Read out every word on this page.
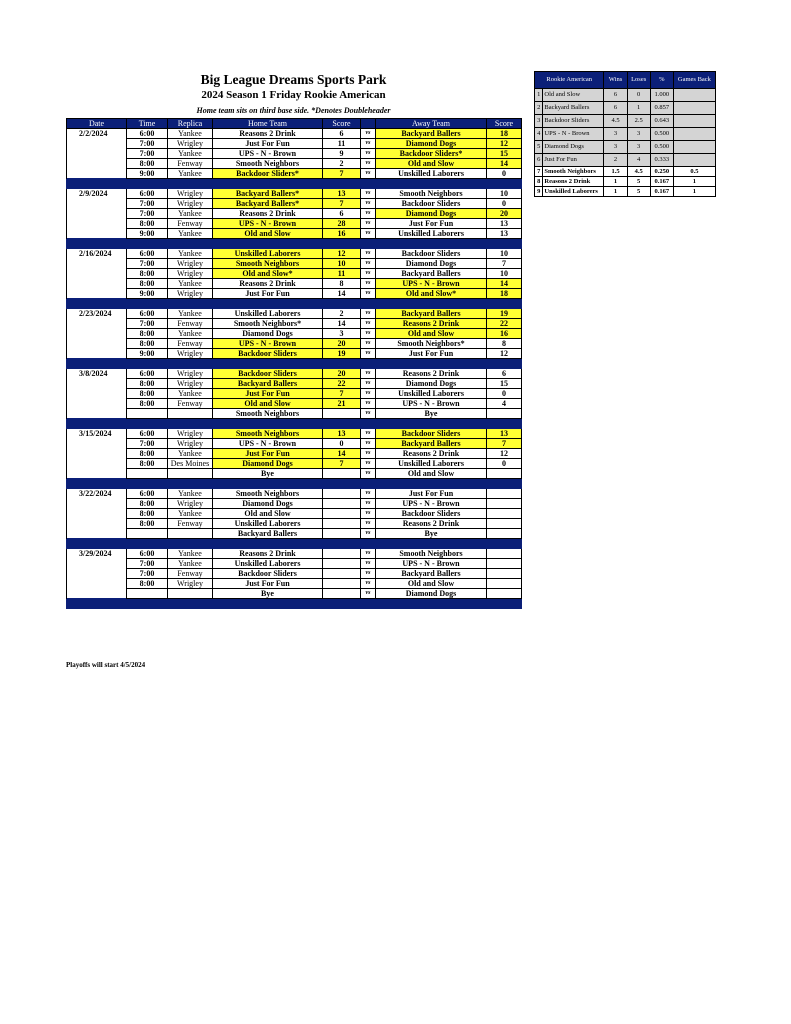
Big League Dreams Sports Park
2024 Season 1 Friday Rookie American
Home team sits on third base side. *Denotes Doubleheader
Date	Time	Replica	Home Team	Score		Away Team	Score
2/2/2024	6:00	Yankee	Reasons 2 Drink	6	vs	Backyard Ballers	18
	7:00	Wrigley	Just For Fun	11	vs	Diamond Dogs	12
	7:00	Yankee	UPS - N - Brown	9	vs	Backdoor Sliders*	15
	8:00	Fenway	Smooth Neighbors	2	vs	Old and Slow	14
	9:00	Yankee	Backdoor Sliders*	7	vs	Unskilled Laborers	0

2/9/2024	6:00	Wrigley	Backyard Ballers*	13	vs	Smooth Neighbors	10
	7:00	Wrigley	Backyard Ballers*	7	vs	Backdoor Sliders	0
	7:00	Yankee	Reasons 2 Drink	6	vs	Diamond Dogs	20
	8:00	Fenway	UPS - N - Brown	28	vs	Just For Fun	13
	9:00	Yankee	Old and Slow	16	vs	Unskilled Laborers	13

2/16/2024	6:00	Yankee	Unskilled Laborers	12	vs	Backdoor Sliders	10
	7:00	Wrigley	Smooth Neighbors	10	vs	Diamond Dogs	7
	8:00	Wrigley	Old and Slow*	11	vs	Backyard Ballers	10
	8:00	Yankee	Reasons 2 Drink	8	vs	UPS - N - Brown	14
	9:00	Wrigley	Just For Fun	14	vs	Old and Slow*	18

2/23/2024	6:00	Yankee	Unskilled Laborers	2	vs	Backyard Ballers	19
	7:00	Fenway	Smooth Neighbors*	14	vs	Reasons 2 Drink	22
	8:00	Yankee	Diamond Dogs	3	vs	Old and Slow	16
	8:00	Fenway	UPS - N - Brown	20	vs	Smooth Neighbors*	8
	9:00	Wrigley	Backdoor Sliders	19	vs	Just For Fun	12

3/8/2024	6:00	Wrigley	Backdoor Sliders	20	vs	Reasons 2 Drink	6
	8:00	Wrigley	Backyard Ballers	22	vs	Diamond Dogs	15
	8:00	Yankee	Just For Fun	7	vs	Unskilled Laborers	0
	8:00	Fenway	Old and Slow	21	vs	UPS - N - Brown	4
			Smooth Neighbors		vs	Bye	

3/15/2024	6:00	Wrigley	Smooth Neighbors	13	vs	Backdoor Sliders	13
	7:00	Wrigley	UPS - N - Brown	0	vs	Backyard Ballers	7
	8:00	Yankee	Just For Fun	14	vs	Reasons 2 Drink	12
	8:00	Des Moines	Diamond Dogs	7	vs	Unskilled Laborers	0
			Bye		vs	Old and Slow	

3/22/2024	6:00	Yankee	Smooth Neighbors		vs	Just For Fun	
	8:00	Wrigley	Diamond Dogs		vs	UPS - N - Brown	
	8:00	Yankee	Old and Slow		vs	Backdoor Sliders	
	8:00	Fenway	Unskilled Laborers		vs	Reasons 2 Drink	
			Backyard Ballers		vs	Bye	

3/29/2024	6:00	Yankee	Reasons 2 Drink		vs	Smooth Neighbors	
	7:00	Yankee	Unskilled Laborers		vs	UPS - N - Brown	
	7:00	Fenway	Backdoor Sliders		vs	Backyard Ballers	
	8:00	Wrigley	Just For Fun		vs	Old and Slow	
			Bye		vs	Diamond Dogs	

Playoffs will start 4/5/2024
Rookie American		Wins	Loses	%	Games Back
1	Old and Slow	6	0	1.000	
2	Backyard Ballers	6	1	0.857	
3	Backdoor Sliders	4.5	2.5	0.643	
4	UPS - N - Brown	3	3	0.500	
5	Diamond Dogs	3	3	0.500	
6	Just For Fun	2	4	0.333	
7	Smooth Neighbors	1.5	4.5	0.250	0.5
8	Reasons 2 Drink	1	5	0.167	1
9	Unskilled Laborers	1	5	0.167	1
